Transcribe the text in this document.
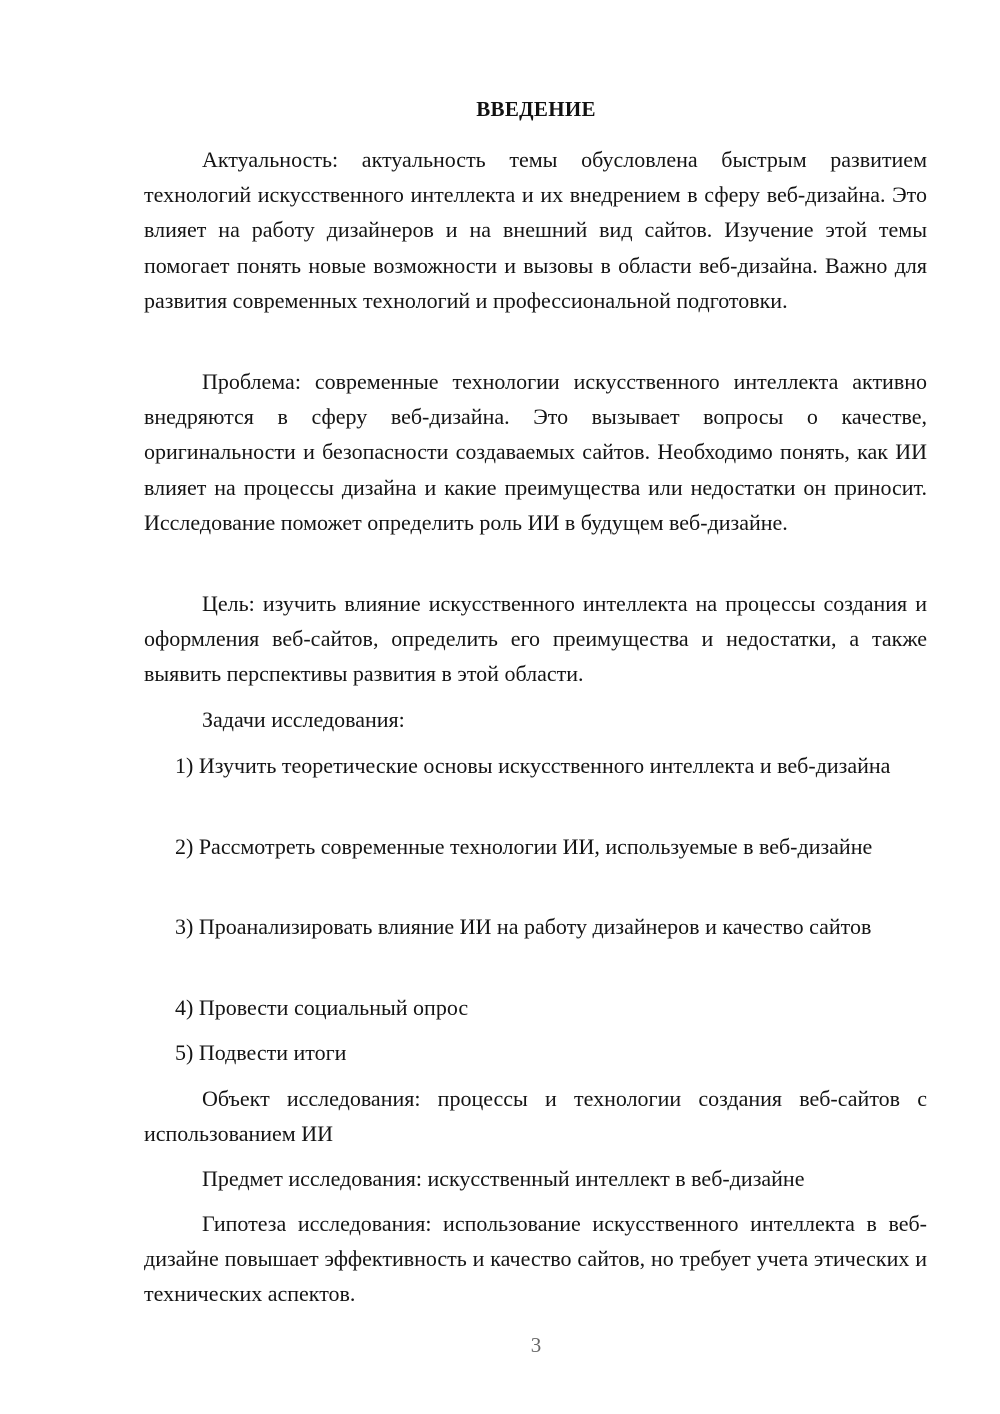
ВВЕДЕНИЕ

Актуальность: актуальность темы обусловлена быстрым развитием технологий искусственного интеллекта и их внедрением в сферу веб-дизайна. Это влияет на работу дизайнеров и на внешний вид сайтов. Изучение этой темы помогает понять новые возможности и вызовы в области веб-дизайна. Важно для развития современных технологий и профессиональной подготовки.

Проблема: современные технологии искусственного интеллекта активно внедряются в сферу веб-дизайна. Это вызывает вопросы о качестве, оригинальности и безопасности создаваемых сайтов. Необходимо понять, как ИИ влияет на процессы дизайна и какие преимущества или недостатки он приносит. Исследование поможет определить роль ИИ в будущем веб-дизайне.

Цель: изучить влияние искусственного интеллекта на процессы создания и оформления веб-сайтов, определить его преимущества и недостатки, а также выявить перспективы развития в этой области.

Задачи исследования:

1) Изучить теоретические основы искусственного интеллекта и веб-дизайна

2) Рассмотреть современные технологии ИИ, используемые в веб-дизайне

3) Проанализировать влияние ИИ на работу дизайнеров и качество сайтов

4) Провести социальный опрос

5) Подвести итоги

Объект исследования: процессы и технологии создания веб-сайтов с использованием ИИ

Предмет исследования: искусственный интеллект в веб-дизайне

Гипотеза исследования: использование искусственного интеллекта в веб-дизайне повышает эффективность и качество сайтов, но требует учета этических и технических аспектов.

3
